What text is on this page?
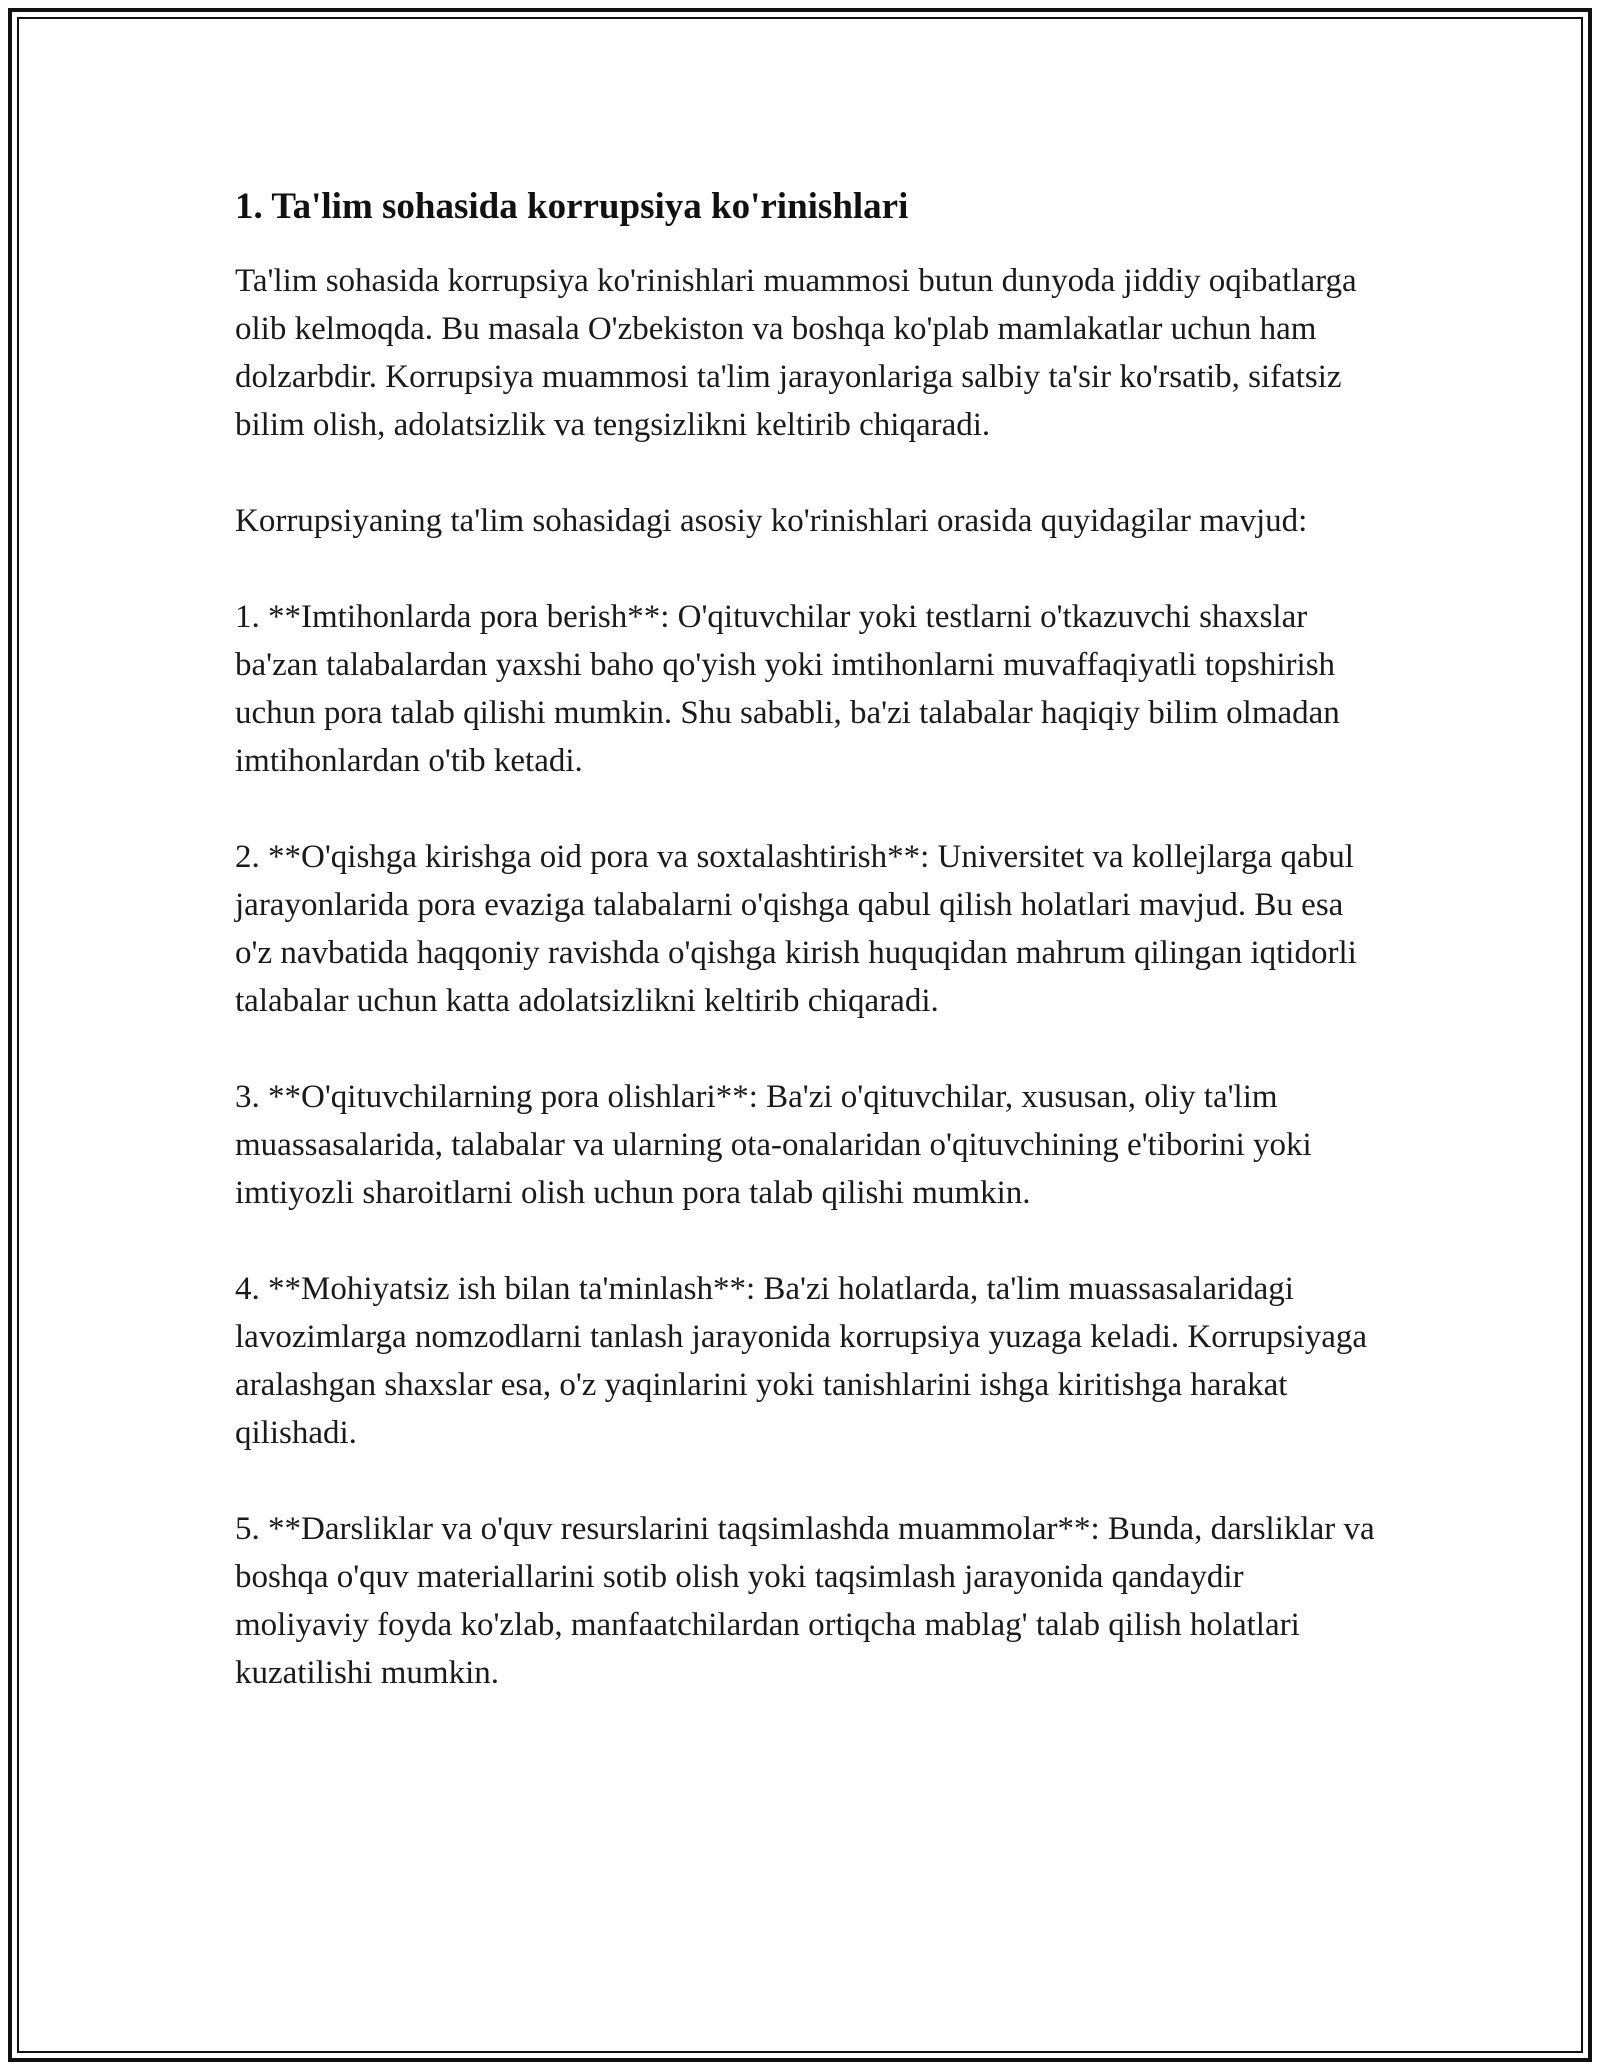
1. Ta'lim sohasida korrupsiya ko'rinishlari

Ta'lim sohasida korrupsiya ko'rinishlari muammosi butun dunyoda jiddiy oqibatlarga olib kelmoqda. Bu masala O'zbekiston va boshqa ko'plab mamlakatlar uchun ham dolzarbdir. Korrupsiya muammosi ta'lim jarayonlariga salbiy ta'sir ko'rsatib, sifatsiz bilim olish, adolatsizlik va tengsizlikni keltirib chiqaradi.

Korrupsiyaning ta'lim sohasidagi asosiy ko'rinishlari orasida quyidagilar mavjud:

1. **Imtihonlarda pora berish**: O'qituvchilar yoki testlarni o'tkazuvchi shaxslar ba'zan talabalardan yaxshi baho qo'yish yoki imtihonlarni muvaffaqiyatli topshirish uchun pora talab qilishi mumkin. Shu sababli, ba'zi talabalar haqiqiy bilim olmadan imtihonlardan o'tib ketadi.

2. **O'qishga kirishga oid pora va soxtalashtirish**: Universitet va kollejlarga qabul jarayonlarida pora evaziga talabalarni o'qishga qabul qilish holatlari mavjud. Bu esa o'z navbatida haqqoniy ravishda o'qishga kirish huquqidan mahrum qilingan iqtidorli talabalar uchun katta adolatsizlikni keltirib chiqaradi.

3. **O'qituvchilarning pora olishlari**: Ba'zi o'qituvchilar, xususan, oliy ta'lim muassasalarida, talabalar va ularning ota-onalaridan o'qituvchining e'tiborini yoki imtiyozli sharoitlarni olish uchun pora talab qilishi mumkin.

4. **Mohiyatsiz ish bilan ta'minlash**: Ba'zi holatlarda, ta'lim muassasalaridagi lavozimlarga nomzodlarni tanlash jarayonida korrupsiya yuzaga keladi. Korrupsiyaga aralashgan shaxslar esa, o'z yaqinlarini yoki tanishlarini ishga kiritishga harakat qilishadi.

5. **Darsliklar va o'quv resurslarini taqsimlashda muammolar**: Bunda, darsliklar va boshqa o'quv materiallarini sotib olish yoki taqsimlash jarayonida qandaydir moliyaviy foyda ko'zlab, manfaatchilardan ortiqcha mablag' talab qilish holatlari kuzatilishi mumkin.
